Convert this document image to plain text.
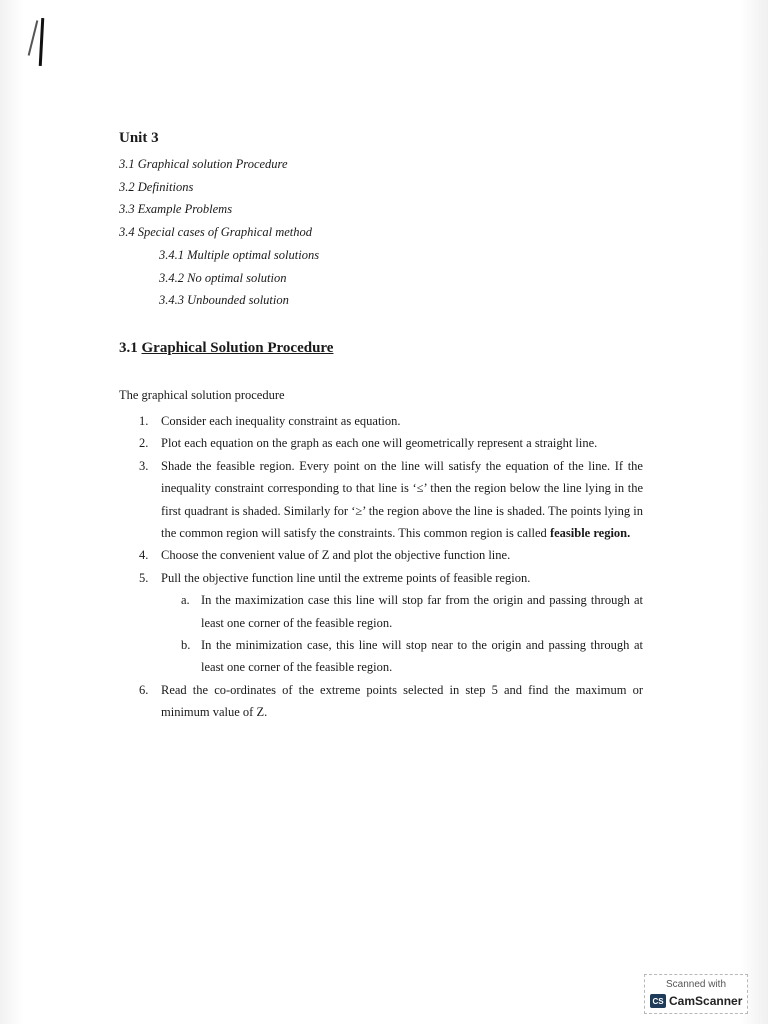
Unit 3
3.1 Graphical solution Procedure
3.2 Definitions
3.3 Example Problems
3.4 Special cases of Graphical method
3.4.1 Multiple optimal solutions
3.4.2 No optimal solution
3.4.3 Unbounded solution
3.1 Graphical Solution Procedure
The graphical solution procedure
1. Consider each inequality constraint as equation.
2. Plot each equation on the graph as each one will geometrically represent a straight line.
3. Shade the feasible region. Every point on the line will satisfy the equation of the line. If the inequality constraint corresponding to that line is ‘≤’ then the region below the line lying in the first quadrant is shaded. Similarly for ‘≥’ the region above the line is shaded. The points lying in the common region will satisfy the constraints. This common region is called feasible region.
4. Choose the convenient value of Z and plot the objective function line.
5. Pull the objective function line until the extreme points of feasible region.
a. In the maximization case this line will stop far from the origin and passing through at least one corner of the feasible region.
b. In the minimization case, this line will stop near to the origin and passing through at least one corner of the feasible region.
6. Read the co-ordinates of the extreme points selected in step 5 and find the maximum or minimum value of Z.
Scanned with
CS CamScanner
